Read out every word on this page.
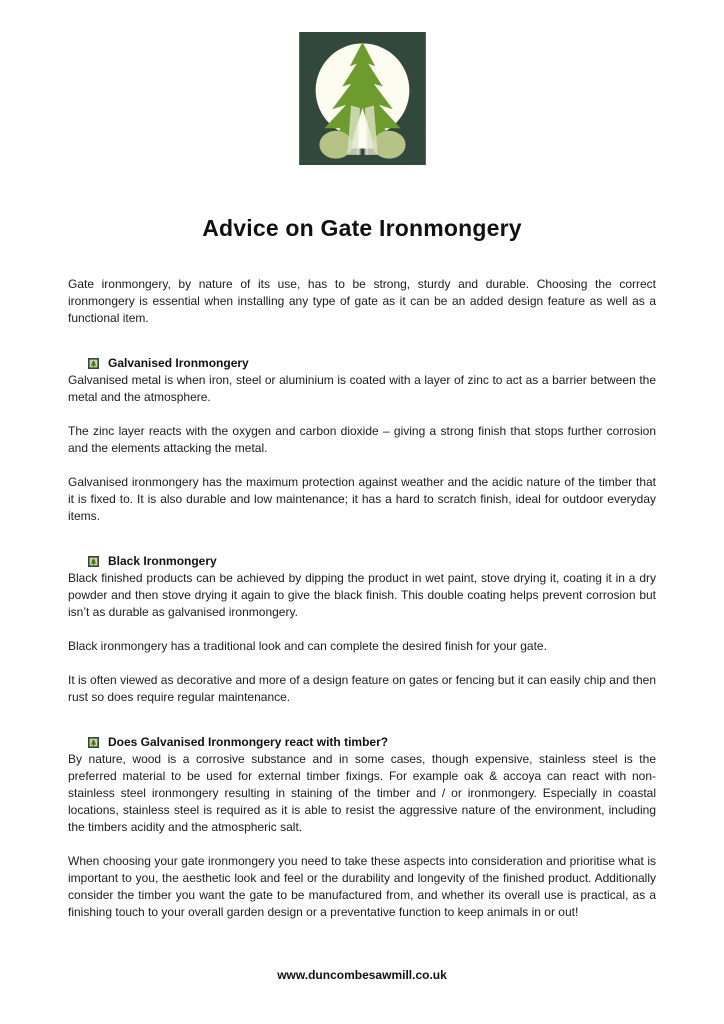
Advice on Gate Ironmongery

Gate ironmongery, by nature of its use, has to be strong, sturdy and durable. Choosing the correct ironmongery is essential when installing any type of gate as it can be an added design feature as well as a functional item.

Galvanised Ironmongery

Galvanised metal is when iron, steel or aluminium is coated with a layer of zinc to act as a barrier between the metal and the atmosphere.

The zinc layer reacts with the oxygen and carbon dioxide – giving a strong finish that stops further corrosion and the elements attacking the metal.

Galvanised ironmongery has the maximum protection against weather and the acidic nature of the timber that it is fixed to. It is also durable and low maintenance; it has a hard to scratch finish, ideal for outdoor everyday items.

Black Ironmongery

Black finished products can be achieved by dipping the product in wet paint, stove drying it, coating it in a dry powder and then stove drying it again to give the black finish. This double coating helps prevent corrosion but isn’t as durable as galvanised ironmongery.

Black ironmongery has a traditional look and can complete the desired finish for your gate.

It is often viewed as decorative and more of a design feature on gates or fencing but it can easily chip and then rust so does require regular maintenance.

Does Galvanised Ironmongery react with timber?

By nature, wood is a corrosive substance and in some cases, though expensive, stainless steel is the preferred material to be used for external timber fixings. For example oak & accoya can react with non-stainless steel ironmongery resulting in staining of the timber and / or ironmongery. Especially in coastal locations, stainless steel is required as it is able to resist the aggressive nature of the environment, including the timbers acidity and the atmospheric salt.

When choosing your gate ironmongery you need to take these aspects into consideration and prioritise what is important to you, the aesthetic look and feel or the durability and longevity of the finished product. Additionally consider the timber you want the gate to be manufactured from, and whether its overall use is practical, as a finishing touch to your overall garden design or a preventative function to keep animals in or out!

www.duncombesawmill.co.uk
